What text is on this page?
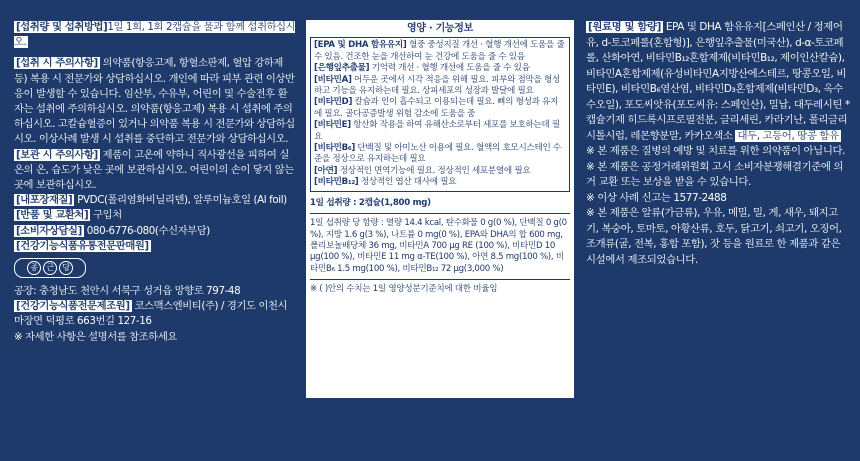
[섭취량 및 섭취방법]1일 1회, 1회 2캡슐을 물과 함께 섭취하십시오.

[섭취 시 주의사항] 의약품(항응고제, 항혈소판제, 혈압 강하제 등) 복용 시 전문가와 상담하십시오. 개인에 따라 피부 관련 이상반응이 발생할 수 있습니다. 임산부, 수유부, 어린이 및 수술전후 환자는 섭취에 주의하십시오. 의약품(항응고제) 복용 시 섭취에 주의하십시오. 고칼슘혈증이 있거나 의약품 복용 시 전문가와 상담하십시오. 이상사례 발생 시 섭취를 중단하고 전문가와 상담하십시오.

[보관 시 주의사항] 제품이 고온에 약하니 직사광선을 피하여 실온의 온, 습도가 낮은 곳에 보관하십시오. 어린이의 손이 닿지 않는 곳에 보관하십시오.

[내포장재질] PVDC(폴리염화비닐리덴), 알루미늄호일 (Al foil)

[반품 및 교환처] 구입처

[소비자상담실] 080-6776-080(수신자부담)

[건강기능식품유통전문판매원]

종 근 당

공장: 충청남도 천안시 서북구 성거읍 망향로 797-48

[건강기능식품전문제조원] 코스맥스엔비티(주) / 경기도 이천시 마장면 덕평로 663번길 127-16

※ 자세한 사항은 설명서를 참조하세요

영양 · 기능정보

[EPA 및 DHA 함유유지] 혈중 중성지질 개선 · 혈행 개선에 도움을 줄 수 있음. 건조한 눈을 개선하여 눈 건강에 도움을 줄 수 있음

[은행잎추출물] 기억력 개선 · 혈행 개선에 도움을 줄 수 있음

[비타민A] 어두운 곳에서 시각 적응을 위해 필요. 피부와 점막을 형성하고 기능을 유지하는데 필요. 상피세포의 성장과 발달에 필요

[비타민D] 칼슘과 인이 흡수되고 이용되는데 필요. 뼈의 형성과 유지에 필요. 골다공증발생 위험 감소에 도움을 줌

[비타민E] 항산화 작용을 하여 유해산소로부터 세포를 보호하는데 필요

[비타민B₆] 단백질 및 아미노산 이용에 필요. 혈액의 호모시스테인 수준을 정상으로 유지하는데 필요

[아연] 정상적인 면역기능에 필요. 정상적인 세포분열에 필요

[비타민B₁₂] 정상적인 엽산 대사에 필요

1일 섭취량 : 2캡슐(1,800 mg)

1일 섭취량 당 함량 : 열량 14.4 kcal, 탄수화물 0 g(0 %), 단백질 0 g(0 %), 지방 1.6 g(3 %), 나트륨 0 mg(0 %), EPA와 DHA의 합 600 mg, 폴리보놀배당체 36 mg, 비타민A 700 μg RE (100 %), 비타민D 10 μg(100 %), 비타민E 11 mg α-TE(100 %), 아연 8.5 mg(100 %), 비타민B₆ 1.5 mg(100 %), 비타민B₁₂ 72 μg(3,000 %)

※ ( )안의 수치는 1일 영양성분기준치에 대한 비율임

[원료명 및 함량] EPA 및 DHA 함유유지[스페인산 / 정제어유, d-토코페롤(혼합형)], 은행잎추출물(미국산), d-α-토코페롤, 산화아연, 비타민B₁₂혼합제제(비타민B₁₂, 제이인산칼슘), 비타민A혼합제제(유성비타민A지방산에스테르, 땅콩오일, 비타민E), 비타민B₆염산염, 비타민D₃혼합제제(비타민D₃, 옥수수오일), 포도씨앗유(포도씨유: 스페인산), 밀납, 대두레시틴 *캡슐기제 히드록시프로필전분, 글리세린, 카라기난, 폴리글리시톨시럽, 레몬향분말, 카카오색소 대두, 고등어, 땅콩 함유

※ 본 제품은 질병의 예방 및 치료를 위한 의약품이 아닙니다.

※ 본 제품은 공정거래위원회 고시 소비자분쟁해결기준에 의거 교환 또는 보상을 받을 수 있습니다.

※ 이상 사례 신고는 1577-2488

※ 본 제품은 알류(가금류), 우유, 메밀, 밀, 게, 새우, 돼지고기, 복숭아, 토마토, 아황산류, 호두, 닭고기, 쇠고기, 오징어, 조개류(굴, 전복, 홍합 포함), 잣 등을 원료로 한 제품과 같은 시설에서 제조되었습니다.
